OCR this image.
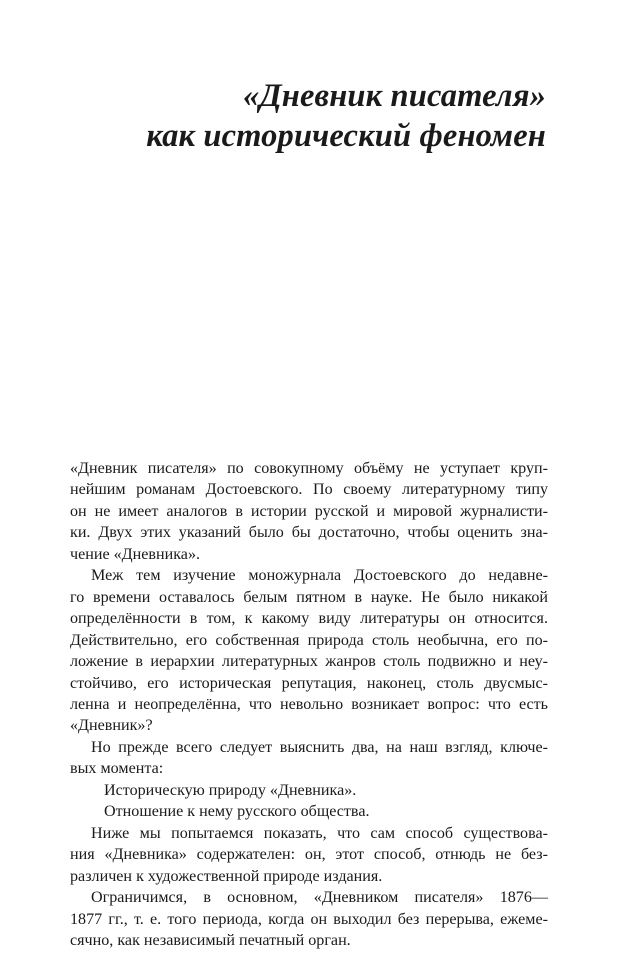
«Дневник писателя»
как исторический феномен
«Дневник писателя» по совокупному объёму не уступает круп-
нейшим романам Достоевского. По своему литературному типу
он не имеет аналогов в истории русской и мировой журналисти-
ки. Двух этих указаний было бы достаточно, чтобы оценить зна-
чение «Дневника».
Меж тем изучение моножурнала Достоевского до недавне-
го времени оставалось белым пятном в науке. Не было никакой
определённости в том, к какому виду литературы он относится.
Действительно, его собственная природа столь необычна, его по-
ложение в иерархии литературных жанров столь подвижно и неу-
стойчиво, его историческая репутация, наконец, столь двусмыс-
ленна и неопределённа, что невольно возникает вопрос: что есть
«Дневник»?
Но прежде всего следует выяснить два, на наш взгляд, ключе-
вых момента:
Историческую природу «Дневника».
Отношение к нему русского общества.
Ниже мы попытаемся показать, что сам способ существова-
ния «Дневника» содержателен: он, этот способ, отнюдь не без-
различен к художественной природе издания.
Ограничимся, в основном, «Дневником писателя» 1876—
1877 гг., т. е. того периода, когда он выходил без перерыва, ежеме-
сячно, как независимый печатный орган.
